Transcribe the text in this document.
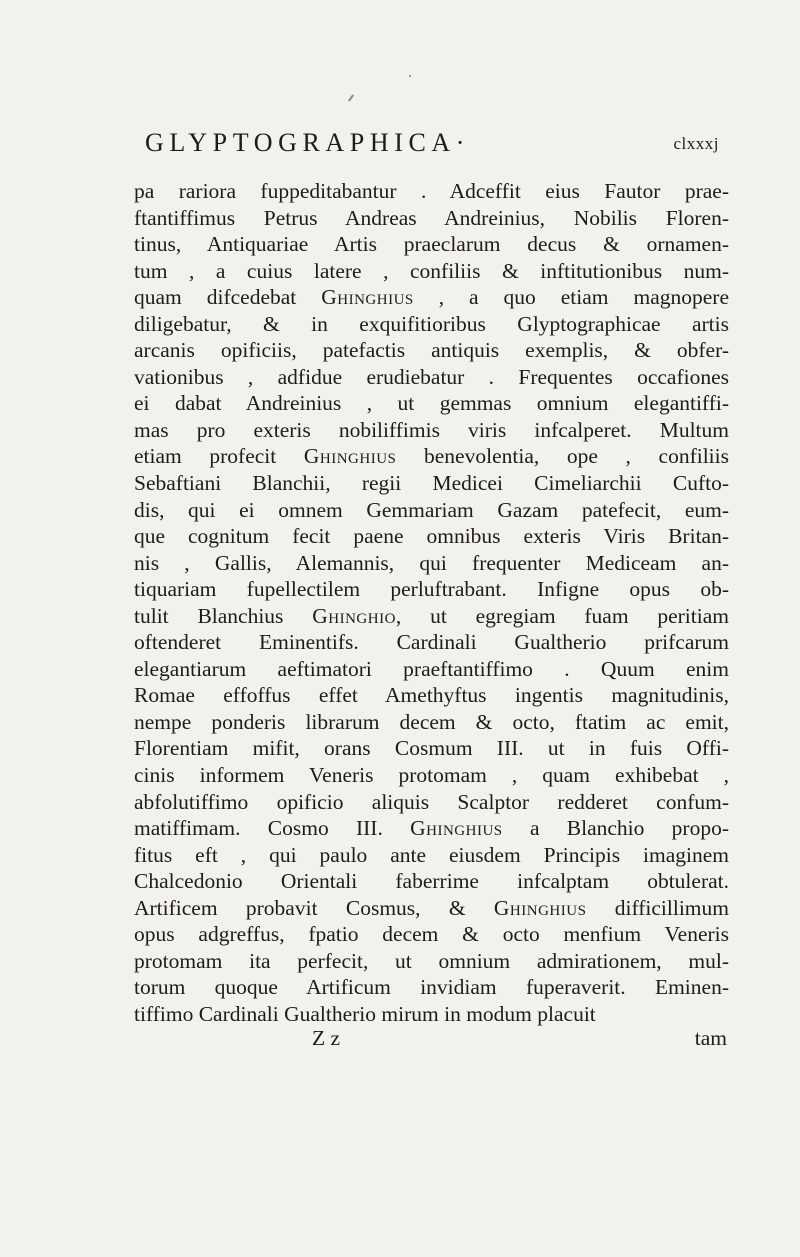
GLYPTOGRAPHICA·	clxxxj
pa rariora fuppeditabantur . Adceffit eius Fautor prae-
ftantiffimus Petrus Andreas Andreinius, Nobilis Floren-
tinus, Antiquariae Artis praeclarum decus & ornamen-
tum , a cuius latere , confiliis & inftitutionibus num-
quam difcedebat Ghinghius , a quo etiam magnopere
diligebatur, & in exquifitioribus Glyptographicae artis
arcanis opificiis, patefactis antiquis exemplis, & obfer-
vationibus , adfidue erudiebatur . Frequentes occafiones
ei dabat Andreinius , ut gemmas omnium elegantiffi-
mas pro exteris nobiliffimis viris infcalperet. Multum
etiam profecit Ghinghius benevolentia, ope , confiliis
Sebaftiani Blanchii, regii Medicei Cimeliarchii Cufto-
dis, qui ei omnem Gemmariam Gazam patefecit, eum-
que cognitum fecit paene omnibus exteris Viris Britan-
nis , Gallis, Alemannis, qui frequenter Mediceam an-
tiquariam fupellectilem perluftrabant. Infigne opus ob-
tulit Blanchius Ghinghio, ut egregiam fuam peritiam
oftenderet Eminentifs. Cardinali Gualtherio prifcarum
elegantiarum aeftimatori praeftantiffimo . Quum enim
Romae effoffus effet Amethyftus ingentis magnitudinis,
nempe ponderis librarum decem & octo, ftatim ac emit,
Florentiam mifit, orans Cosmum III. ut in fuis Offi-
cinis informem Veneris protomam , quam exhibebat ,
abfolutiffimo opificio aliquis Scalptor redderet confum-
matiffimam. Cosmo III. Ghinghius a Blanchio propo-
fitus eft , qui paulo ante eiusdem Principis imaginem
Chalcedonio Orientali faberrime infcalptam obtulerat.
Artificem probavit Cosmus, & Ghinghius difficillimum
opus adgreffus, fpatio decem & octo menfium Veneris
protomam ita perfecit, ut omnium admirationem, mul-
torum quoque Artificum invidiam fuperaverit. Eminen-
tiffimo Cardinali Gualtherio mirum in modum placuit
Z z	tam
